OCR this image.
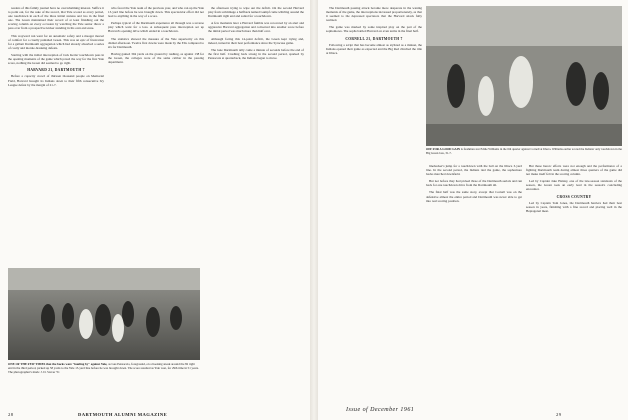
readers of this family journal have no overwhelming interest. Suffice it to point out, for the sake of the record, that Yale scored as every period, one touchdown in each of the three initial stanzas and two in the final one. The Green maintained their record of at least finishing out the scoring column on every occasion by watching the Yale senior throw a pass over from a prospective kicker standing in his own end zone.

This wayward run went for an automatic safety and a meager morsel of comfort for a cruelly punished Green. This was an epic of frustration for a gallant Dartmouth aggregation which had already absorbed a series of costly and morale-breaking defeats.

Starting with the initial interception of Jack Kerns' touchdown pass in the opening moments of the game which paved the way for the first Yale score, nothing the Green did seemed to go right.

HARVARD 21, DARTMOUTH 7

Before a capacity crowd of thirteen thousand people on Memorial Field, Harvard brought its Indians down to their fifth consecutive Ivy League defeat by the margin of 21-7.

who faced the Yale team of the previous year, and who ran up the Yale 13-yard line before he was brought down. This spectacular effort did not lead to anything in the way of a score.

Perhaps typical of the Dartmouth experience all through was a reverse play which went for a loss. A subsequent pass interception set up Harvard's opening drive which ended in a touchdown.

The statistics showed the measure of the Yale superiority on this dismal afternoon. Twelve first downs were made by the Elis compared to six for Dartmouth.

Having gained 394 yards on the ground by rushing, as against 138 for the Green, the colleges were of the same caliber in the passing department.

the afternoon trying to wipe out the deficit. On the second Harvard play from scrimmage a halfback named Gumpf came whirling around the Dartmouth right end and sailed for a touchdown.

A few moments later a Harvard fumble was recovered by an alert and aggressive Harvard aggregation and converted into another score before the initial period was much more than half over.

Although facing this 14-point deficit, the Green kept trying and, indeed, turned in their best performance since the Syracuse game.

The lone Dartmouth tally came a minute of seconds before the end of the first half. Crashing back strong in the second period, sparked by Pensacola at quarterback, the Indians began to move.

ONE OF THE FEW TIMES that the backs were "hauling by" against Yale, as Gus Pensacola, foreground, on a hooking sneak around the 82 right end in the third period, picked up 58 yards to the Yale 13-yard line before he was brought down. The score resulted as Yale won, for 29th time in 51 years. The photographer's mark: J. D. Stover '51
28	DARTMOUTH ALUMNI MAGAZINE

The Dartmouth passing attack became more desperate in the waning moments of the game, the interceptions increased proportionately, as that it seemed to the depressed spectators that the Harvard attack fully realized.

The game was marked by some inspired play on the part of the sophomores. The sophs battled Harvard on even terms in the final half.

CORNELL 21, DARTMOUTH 7

Following a script that has become almost as stylized as a minuet, the Indians opened their game as expected and the Big Red clinched the title at Ithaca.

linebacker's jump for a touchdown with the ball on the Ithaca 3-yard line. In the second period, the Indians tied the game, the sophomore backs marched downfield.

But not before they had picked three of the Dartmouth aerials and run back for one touchdown drive from the Dartmouth 46.

The final half was the same story, except that Cornell was on the defensive almost the entire period and Dartmouth was never able to get into real scoring position.

But these heroic efforts were not enough and the performance of a fighting Dartmouth team during almost three quarters of the game did not make itself felt in the scoring column.

Led by Captain Jake Hanley, one of the late-season standouts of the season, the Green took an early lead in the season's concluding encounter.

CROSS COUNTRY

Led by Captain Tom Jones, the Dartmouth harriers had their best season in years, finishing with a fine record and placing well in the Heptagonal meet.

OFF FOR A GOOD GAIN is freshman star Eddie Williams in the 6th quarter against Cornell at Ithaca. Williams earlier scored the Indians' only touchdown in the Big Green loss, 31-7.
Issue of December 1961
29
